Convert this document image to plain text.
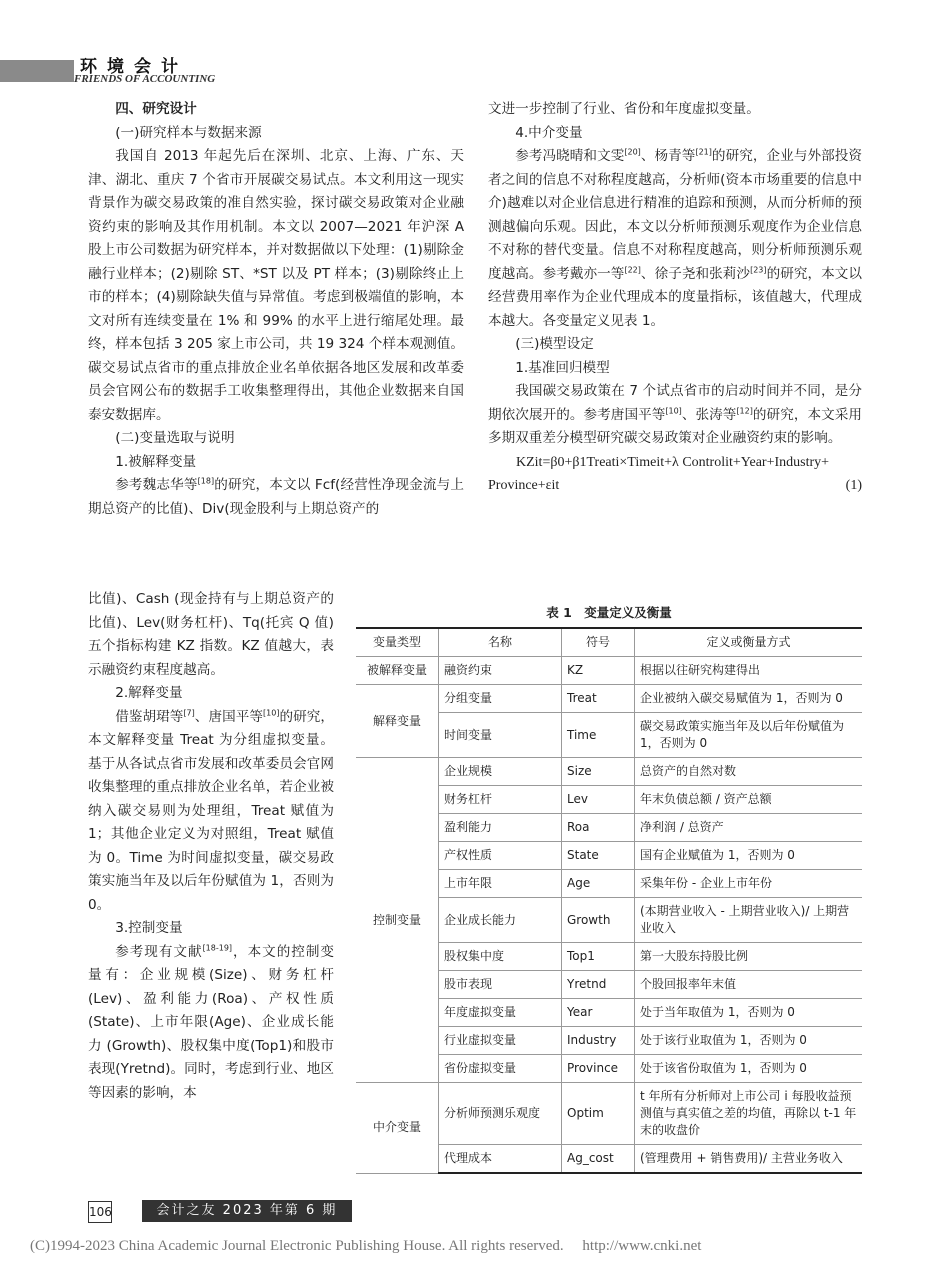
环境会计
FRIENDS OF ACCOUNTING

四、研究设计

(一)研究样本与数据来源

我国自 2013 年起先后在深圳、北京、上海、广东、天津、湖北、重庆 7 个省市开展碳交易试点。本文利用这一现实背景作为碳交易政策的准自然实验，探讨碳交易政策对企业融资约束的影响及其作用机制。本文以 2007—2021 年沪深 A 股上市公司数据为研究样本，并对数据做以下处理：(1)剔除金融行业样本；(2)剔除 ST、*ST 以及 PT 样本；(3)剔除终止上市的样本；(4)剔除缺失值与异常值。考虑到极端值的影响，本文对所有连续变量在 1% 和 99% 的水平上进行缩尾处理。最终，样本包括 3 205 家上市公司，共 19 324 个样本观测值。碳交易试点省市的重点排放企业名单依据各地区发展和改革委员会官网公布的数据手工收集整理得出，其他企业数据来自国泰安数据库。

(二)变量选取与说明

1.被解释变量

参考魏志华等[18]的研究，本文以 Fcf(经营性净现金流与上期总资产的比值)、Div(现金股利与上期总资产的

比值)、Cash (现金持有与上期总资产的比值)、Lev(财务杠杆)、Tq(托宾 Q 值)五个指标构建 KZ 指数。KZ 值越大，表示融资约束程度越高。

2.解释变量

借鉴胡珺等[7]、唐国平等[10]的研究，本文解释变量 Treat 为分组虚拟变量。基于从各试点省市发展和改革委员会官网收集整理的重点排放企业名单，若企业被纳入碳交易则为处理组，Treat 赋值为 1；其他企业定义为对照组，Treat 赋值为 0。Time 为时间虚拟变量，碳交易政策实施当年及以后年份赋值为 1，否则为 0。

3.控制变量

参考现有文献[18-19]，本文的控制变量有：企业规模(Size)、财务杠杆(Lev)、盈利能力(Roa)、产权性质(State)、上市年限(Age)、企业成长能力 (Growth)、股权集中度(Top1)和股市表现(Yretnd)。同时，考虑到行业、地区等因素的影响，本

文进一步控制了行业、省份和年度虚拟变量。

4.中介变量

参考冯晓晴和文雯[20]、杨青等[21]的研究，企业与外部投资者之间的信息不对称程度越高，分析师(资本市场重要的信息中介)越难以对企业信息进行精准的追踪和预测，从而分析师的预测越偏向乐观。因此，本文以分析师预测乐观度作为企业信息不对称的替代变量。信息不对称程度越高，则分析师预测乐观度越高。参考戴亦一等[22]、徐子尧和张莉沙[23]的研究，本文以经营费用率作为企业代理成本的度量指标，该值越大，代理成本越大。各变量定义见表 1。

(三)模型设定

1.基准回归模型

我国碳交易政策在 7 个试点省市的启动时间并不同，是分期依次展开的。参考唐国平等[10]、张涛等[12]的研究，本文采用多期双重差分模型研究碳交易政策对企业融资约束的影响。

KZit=β0+β1Treati×Timeit+λ Controlit+Year+Industry+

Province+εit	(1)

表 1　变量定义及衡量
变量类型	名称	符号	定义或衡量方式
被解释变量	融资约束	KZ	根据以往研究构建得出
解释变量	分组变量	Treat	企业被纳入碳交易赋值为 1，否则为 0
	时间变量	Time	碳交易政策实施当年及以后年份赋值为 1，否则为 0
控制变量	企业规模	Size	总资产的自然对数
	财务杠杆	Lev	年末负债总额 / 资产总额
	盈利能力	Roa	净利润 / 总资产
	产权性质	State	国有企业赋值为 1，否则为 0
	上市年限	Age	采集年份 - 企业上市年份
	企业成长能力	Growth	(本期营业收入 - 上期营业收入)/ 上期营业收入
	股权集中度	Top1	第一大股东持股比例
	股市表现	Yretnd	个股回报率年末值
	年度虚拟变量	Year	处于当年取值为 1，否则为 0
	行业虚拟变量	Industry	处于该行业取值为 1，否则为 0
	省份虚拟变量	Province	处于该省份取值为 1，否则为 0
中介变量	分析师预测乐观度	Optim	t 年所有分析师对上市公司 i 每股收益预测值与真实值之差的均值，再除以 t-1 年末的收盘价
	代理成本	Ag_cost	(管理费用 + 销售费用)/ 主营业务收入
106	会计之友 2023 年第 6 期
(C)1994-2023 China Academic Journal Electronic Publishing House. All rights reserved.　 http://www.cnki.net
